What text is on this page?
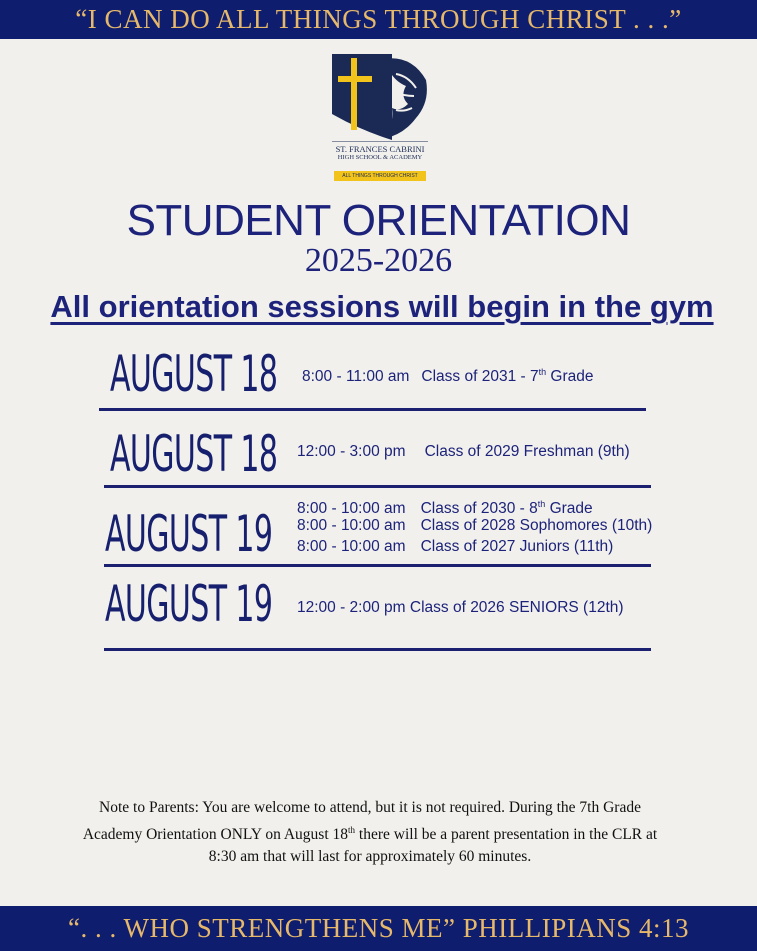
“I CAN DO ALL THINGS THROUGH CHRIST . . .”
ST. FRANCES CABRINI
HIGH SCHOOL & ACADEMY
ALL THINGS THROUGH CHRIST
STUDENT ORIENTATION
2025-2026
All orientation sessions will begin in the gym
AUGUST 18 8:00 - 11:00 am Class of 2031 - 7th Grade
AUGUST 18 12:00 - 3:00 pm Class of 2029 Freshman (9th)
AUGUST 19 8:00 - 10:00 am Class of 2030 - 8th Grade
8:00 - 10:00 am Class of 2028 Sophomores (10th)
8:00 - 10:00 am Class of 2027 Juniors (11th)
AUGUST 19 12:00 - 2:00 pm Class of 2026 SENIORS (12th)
Note to Parents: You are welcome to attend, but it is not required. During the 7th Grade
Academy Orientation ONLY on August 18th there will be a parent presentation in the CLR at
8:30 am that will last for approximately 60 minutes.
“. . . WHO STRENGTHENS ME” PHILLIPIANS 4:13
